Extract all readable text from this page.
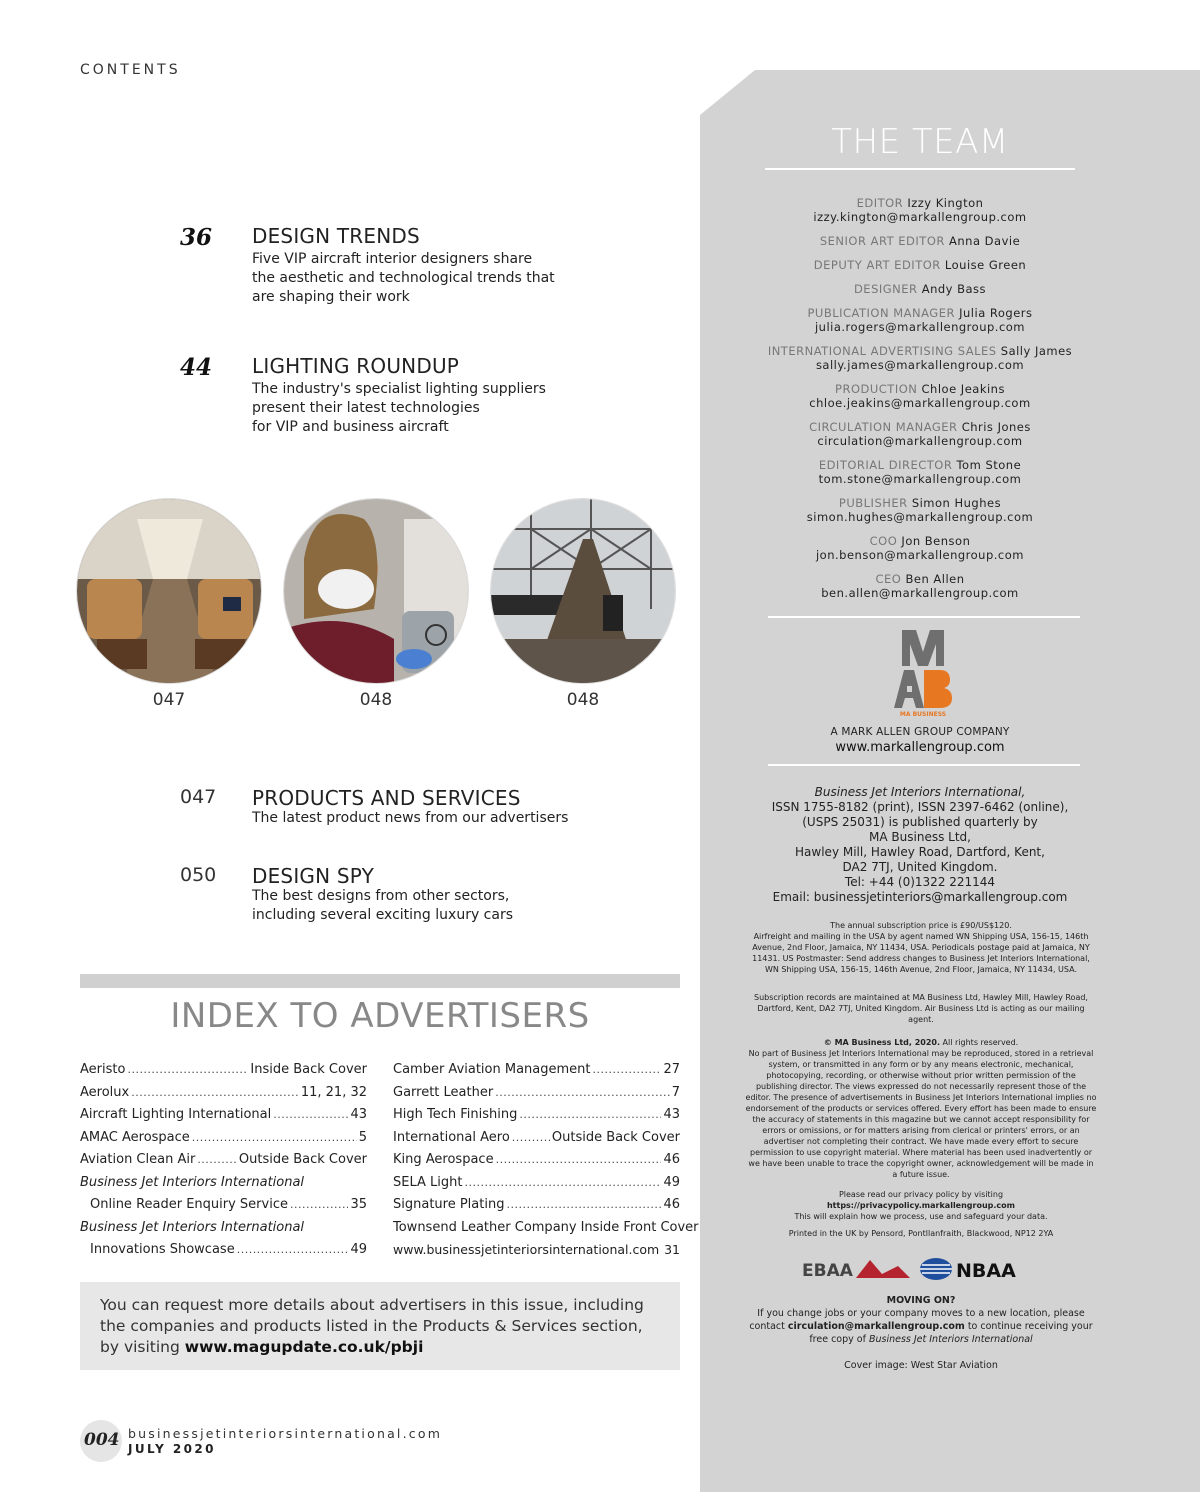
CONTENTS
36 DESIGN TRENDS
Five VIP aircraft interior designers share
the aesthetic and technological trends that
are shaping their work
44 LIGHTING ROUNDUP
The industry's specialist lighting suppliers
present their latest technologies
for VIP and business aircraft
047	048	048
047 PRODUCTS AND SERVICES
The latest product news from our advertisers
050 DESIGN SPY
The best designs from other sectors,
including several exciting luxury cars
INDEX TO ADVERTISERS
Aeristo .....	Inside Back Cover
Aerolux .....	11, 21, 32
Aircraft Lighting International .....	43
AMAC Aerospace .....	5
Aviation Clean Air .....	Outside Back Cover
Business Jet Interiors International
Online Reader Enquiry Service .....	35
Business Jet Interiors International
Innovations Showcase .....	49
Camber Aviation Management .....	27
Garrett Leather .....	7
High Tech Finishing .....	43
International Aero .....	Outside Back Cover
King Aerospace .....	46
SELA Light .....	49
Signature Plating .....	46
Townsend Leather Company Inside Front Cover
www.businessjetinteriorsinternational.com ..... 31
You can request more details about advertisers in this issue, including the companies and products listed in the Products & Services section, by visiting www.magupdate.co.uk/pbji
004 businessjetinteriorsinternational.com
JULY 2020
THE TEAM
EDITOR Izzy Kington
izzy.kington@markallengroup.com
SENIOR ART EDITOR Anna Davie
DEPUTY ART EDITOR Louise Green
DESIGNER Andy Bass
PUBLICATION MANAGER Julia Rogers
julia.rogers@markallengroup.com
INTERNATIONAL ADVERTISING SALES Sally James
sally.james@markallengroup.com
PRODUCTION Chloe Jeakins
chloe.jeakins@markallengroup.com
CIRCULATION MANAGER Chris Jones
circulation@markallengroup.com
EDITORIAL DIRECTOR Tom Stone
tom.stone@markallengroup.com
PUBLISHER Simon Hughes
simon.hughes@markallengroup.com
COO Jon Benson
jon.benson@markallengroup.com
CEO Ben Allen
ben.allen@markallengroup.com
MA BUSINESS
A MARK ALLEN GROUP COMPANY
www.markallengroup.com
Business Jet Interiors International,
ISSN 1755-8182 (print), ISSN 2397-6462 (online),
(USPS 25031) is published quarterly by
MA Business Ltd,
Hawley Mill, Hawley Road, Dartford, Kent,
DA2 7TJ, United Kingdom.
Tel: +44 (0)1322 221144
Email: businessjetinteriors@markallengroup.com
The annual subscription price is £90/US$120.
Airfreight and mailing in the USA by agent named WN Shipping USA, 156-15, 146th Avenue, 2nd Floor, Jamaica, NY 11434, USA. Periodicals postage paid at Jamaica, NY 11431. US Postmaster: Send address changes to Business Jet Interiors International, WN Shipping USA, 156-15, 146th Avenue, 2nd Floor, Jamaica, NY 11434, USA.
Subscription records are maintained at MA Business Ltd, Hawley Mill, Hawley Road, Dartford, Kent, DA2 7TJ, United Kingdom. Air Business Ltd is acting as our mailing agent.
© MA Business Ltd, 2020. All rights reserved.
No part of Business Jet Interiors International may be reproduced, stored in a retrieval system, or transmitted in any form or by any means electronic, mechanical, photocopying, recording, or otherwise without prior written permission of the publishing director. The views expressed do not necessarily represent those of the editor. The presence of advertisements in Business Jet Interiors International implies no endorsement of the products or services offered. Every effort has been made to ensure the accuracy of statements in this magazine but we cannot accept responsibility for errors or omissions, or for matters arising from clerical or printers' errors, or an advertiser not completing their contract. We have made every effort to secure permission to use copyright material. Where material has been used inadvertently or we have been unable to trace the copyright owner, acknowledgement will be made in a future issue.
Please read our privacy policy by visiting
https://privacypolicy.markallengroup.com
This will explain how we process, use and safeguard your data.
Printed in the UK by Pensord, Pontllanfraith, Blackwood, NP12 2YA
EBAA	NBAA
MOVING ON?
If you change jobs or your company moves to a new location, please contact circulation@markallengroup.com to continue receiving your free copy of Business Jet Interiors International
Cover image: West Star Aviation
